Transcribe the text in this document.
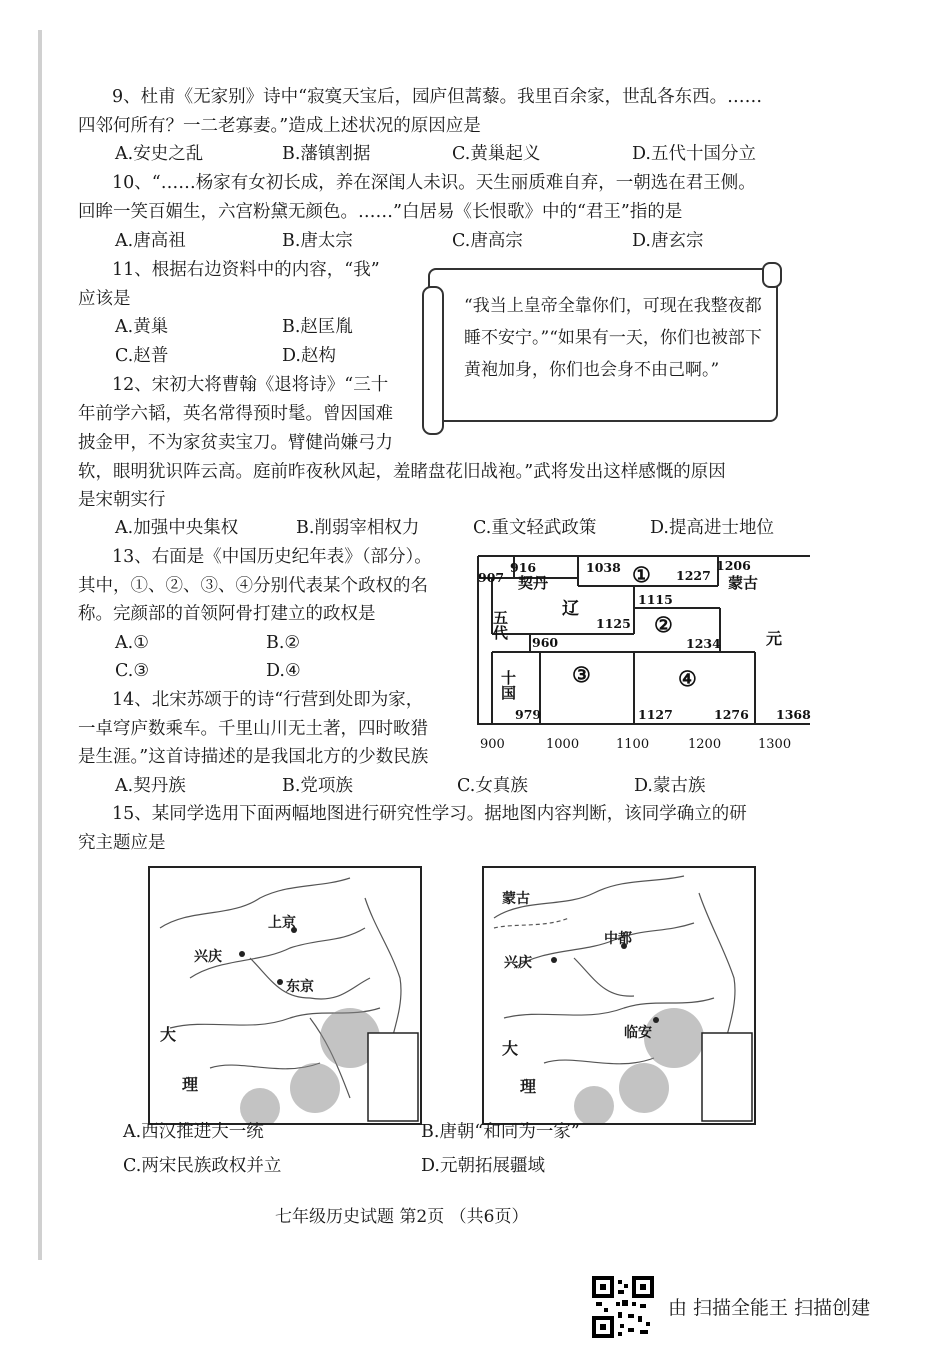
9、杜甫《无家别》诗中“寂寞天宝后，园庐但蒿藜。我里百余家，世乱各东西。……
四邻何所有？一二老寡妻。”造成上述状况的原因应是
A.安史之乱	B.藩镇割据	C.黄巢起义	D.五代十国分立
10、“……杨家有女初长成，养在深闺人未识。天生丽质难自弃，一朝选在君王侧。
回眸一笑百媚生，六宫粉黛无颜色。……”白居易《长恨歌》中的“君王”指的是
A.唐高祖	B.唐太宗	C.唐高宗	D.唐玄宗
11、根据右边资料中的内容，“我”
应该是
A.黄巢	B.赵匡胤
C.赵普	D.赵构
“我当上皇帝全靠你们，可现在我整夜都睡不安宁。”“如果有一天，你们也被部下黄袍加身，你们也会身不由己啊。”
12、宋初大将曹翰《退将诗》“三十
年前学六韬，英名常得预时髦。曾因国难
披金甲，不为家贫卖宝刀。臂健尚嫌弓力
软，眼明犹识阵云高。庭前昨夜秋风起，羞睹盘花旧战袍。”武将发出这样感慨的原因
是宋朝实行
A.加强中央集权	B.削弱宰相权力	C.重文轻武政策	D.提高进士地位
13、右面是《中国历史纪年表》（部分）。
其中，①、②、③、④分别代表某个政权的名
称。完颜部的首领阿骨打建立的政权是
A.①	B.②
C.③	D.④
900	1000	1100	1200	1300
907
916	1038
1227
1206
1115
1125
960	1234
979	1127	1276 1368
契丹
辽
①	蒙古
元
五代
十国
②
③	④
14、北宋苏颂于的诗“行营到处即为家，
一卓穹庐数乘车。千里山川无土著，四时畋猎
是生涯。”这首诗描述的是我国北方的少数民族
A.契丹族	B.党项族	C.女真族	D.蒙古族
15、某同学选用下面两幅地图进行研究性学习。据地图内容判断，该同学确立的研
究主题应是
上京
兴庆
东京
大
理
蒙古
中都
兴庆
临安
大
理
A.西汉推进大一统	B.唐朝“和同为一家”
C.两宋民族政权并立	D.元朝拓展疆域
七年级历史试题 第2页 （共6页）
由 扫描全能王 扫描创建
